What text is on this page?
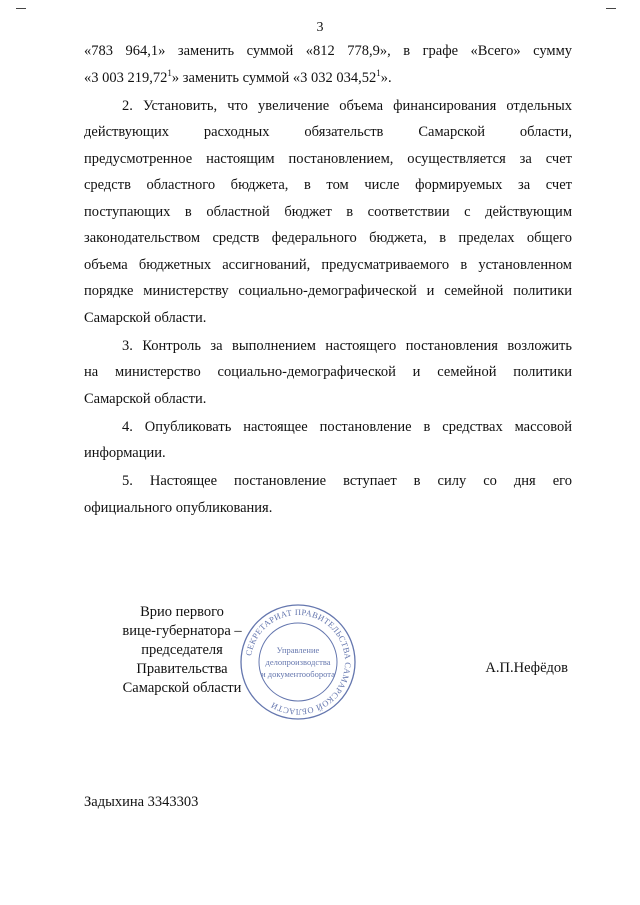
3
«783 964,1» заменить суммой «812 778,9», в графе «Всего» сумму
«3 003 219,72$^1$» заменить суммой «3 032 034,52$^1$».
2. Установить, что увеличение объема финансирования отдельных
действующих расходных обязательств Самарской области,
предусмотренное настоящим постановлением, осуществляется за счет
средств областного бюджета, в том числе формируемых за счет
поступающих в областной бюджет в соответствии с действующим
законодательством средств федерального бюджета, в пределах общего
объема бюджетных ассигнований, предусматриваемого в установленном
порядке министерству социально-демографической и семейной политики
Самарской области.
3. Контроль за выполнением настоящего постановления возложить
на министерство социально-демографической и семейной политики
Самарской области.
4. Опубликовать настоящее постановление в средствах массовой
информации.
5. Настоящее постановление вступает в силу со дня его
официального опубликования.
СЕКРЕТАРИАТ ПРАВИТЕЛЬСТВА САМАРСКОЙ ОБЛАСТИ
Управление
делопроизводства
и документооборота
Врио первого
вице-губернатора –
председателя Правительства
Самарской области
А.П.Нефёдов
Задыхина 3343303
